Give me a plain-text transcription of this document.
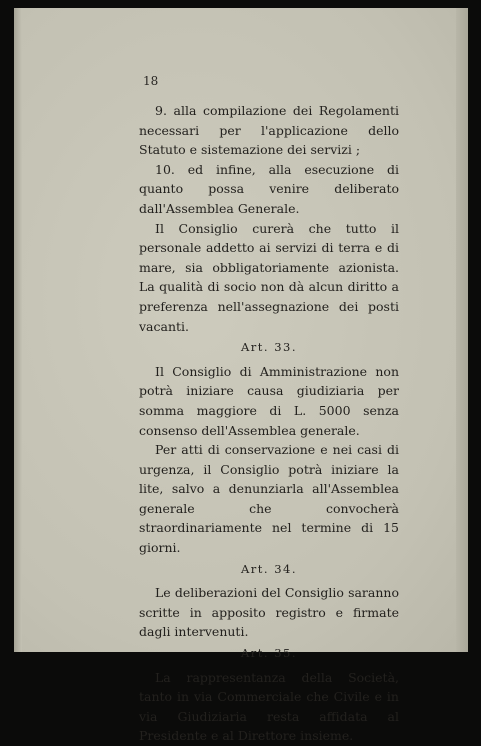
18

9. alla compilazione dei Regolamenti necessari per l'applicazione dello Statuto e sistemazione dei servizi ;

10. ed infine, alla esecuzione di quanto possa venire deliberato dall'Assemblea Generale.

Il Consiglio curerà che tutto il personale addetto ai servizi di terra e di mare, sia obbligatoriamente azionista. La qualità di socio non dà alcun diritto a preferenza nell'assegnazione dei posti vacanti.

Art. 33.

Il Consiglio di Amministrazione non potrà iniziare causa giudiziaria per somma maggiore di L. 5000 senza consenso dell'Assemblea generale.

Per atti di conservazione e nei casi di urgenza, il Consiglio potrà iniziare la lite, salvo a denunziarla all'Assemblea generale che convocherà straordinariamente nel termine di 15 giorni.

Art. 34.

Le deliberazioni del Consiglio saranno scritte in apposito registro e firmate dagli intervenuti.

Art. 35.

La rappresentanza della Società, tanto in via Commerciale che Civile e in via Giudiziaria resta affidata al Presidente e al Direttore insieme.
